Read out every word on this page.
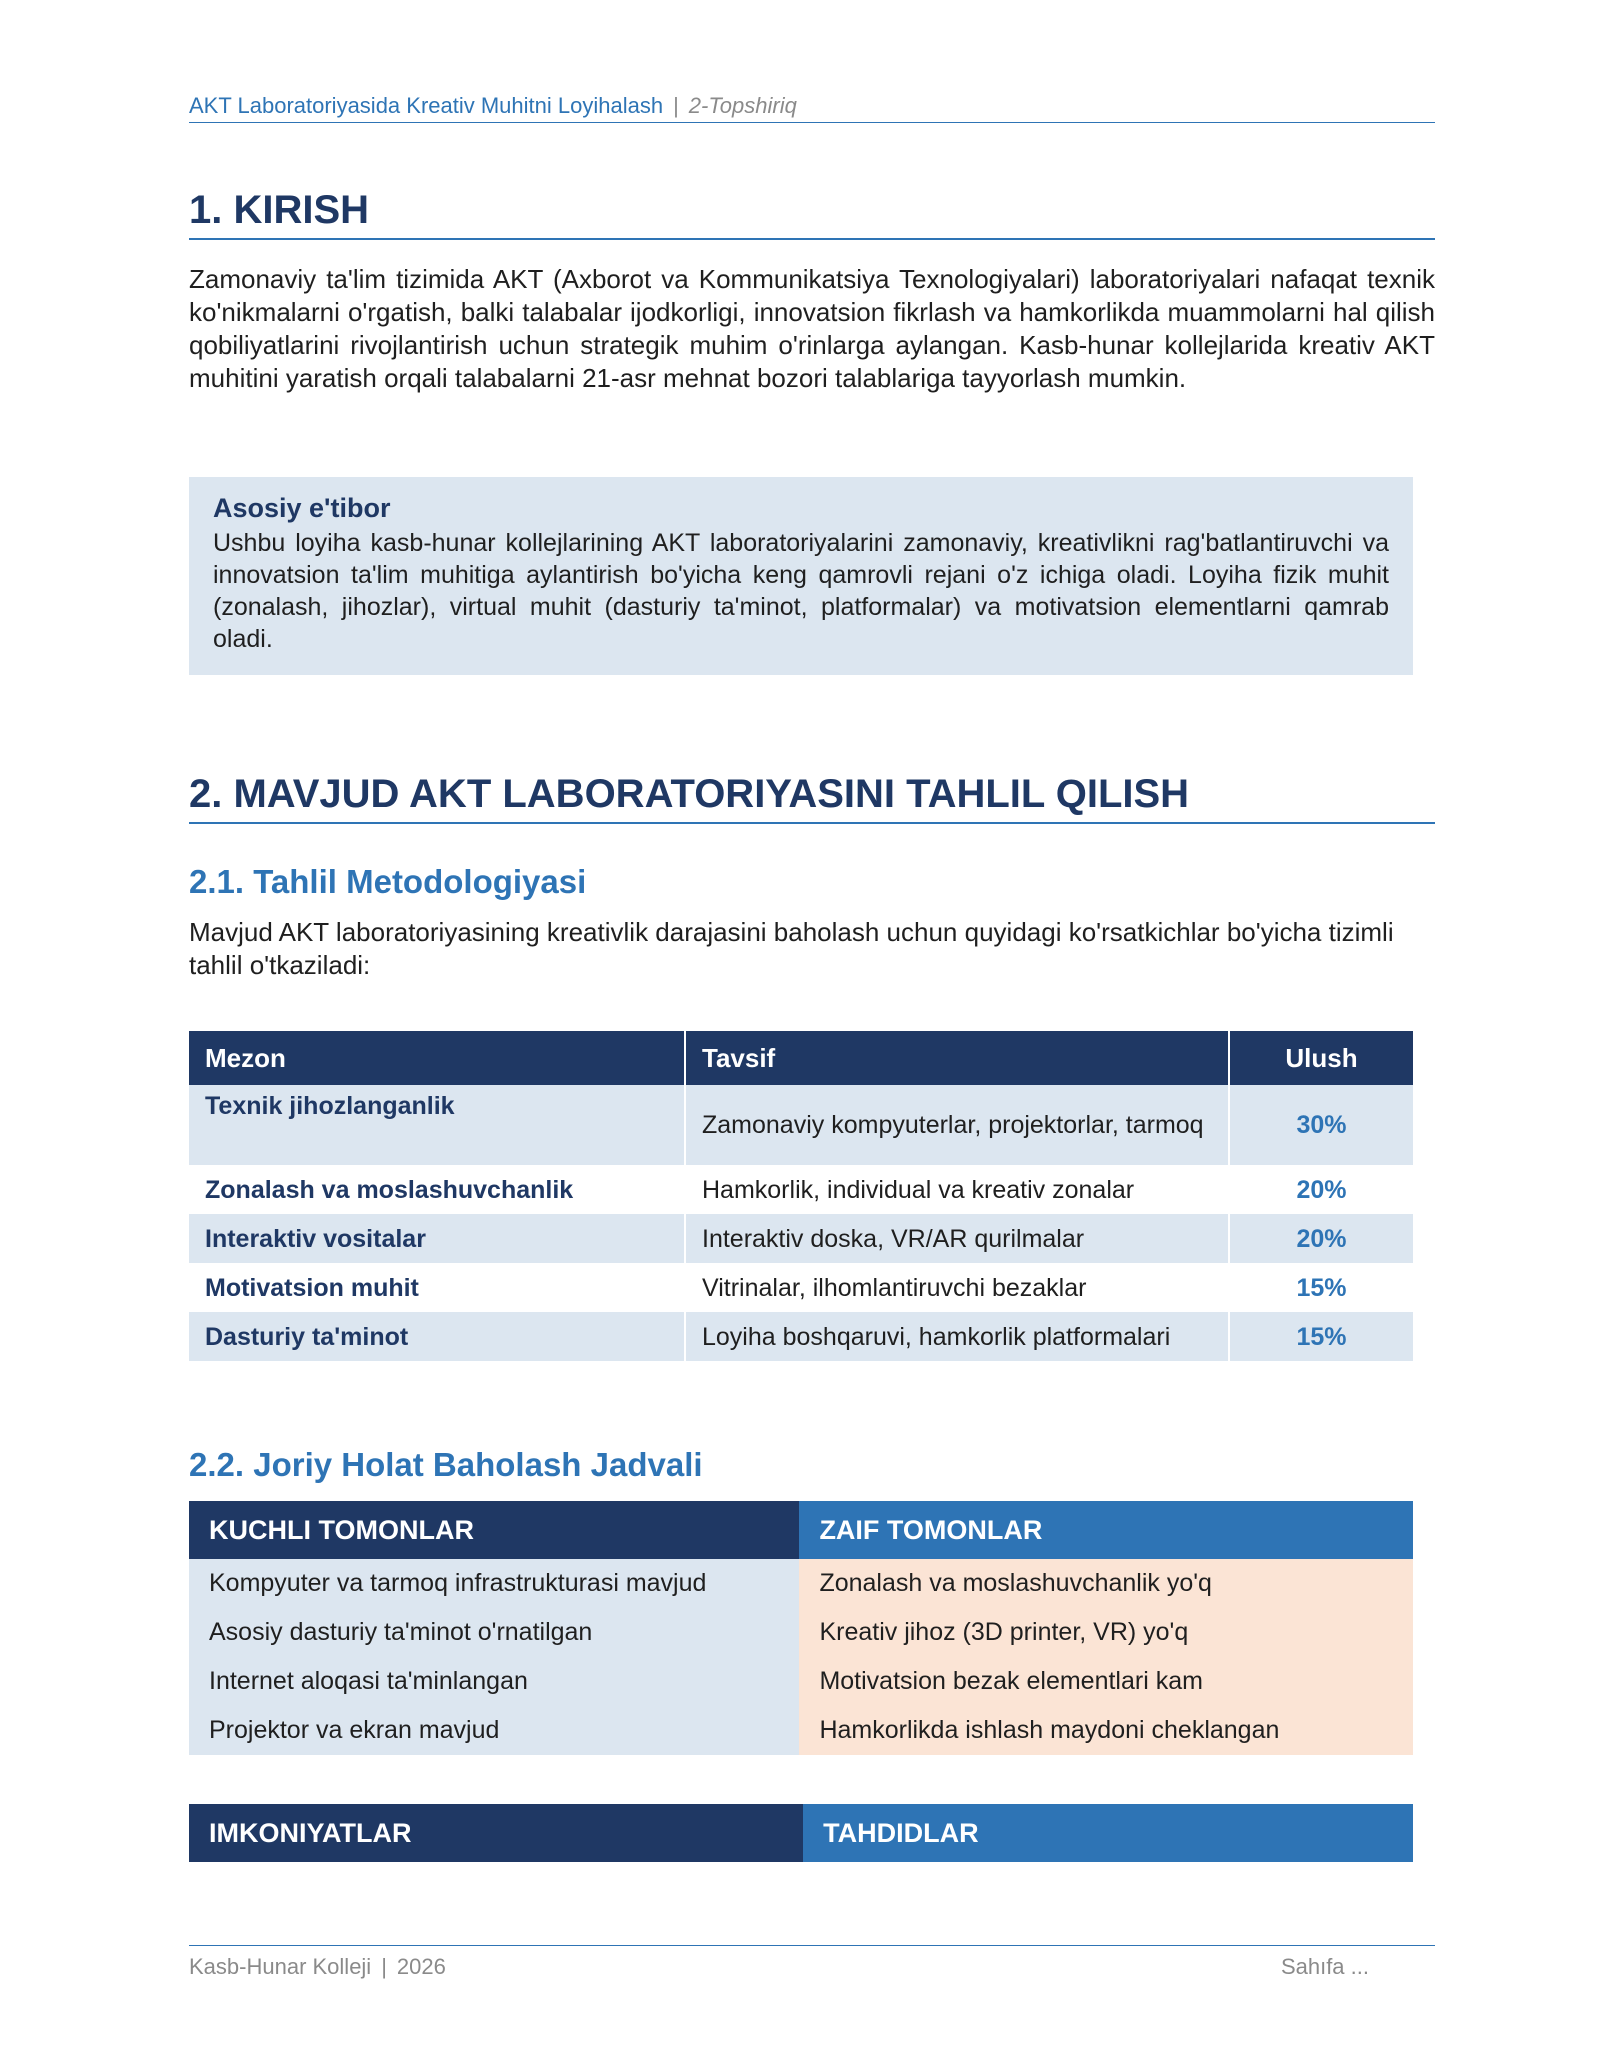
AKT Laboratoriyasida Kreativ Muhitni Loyihalash | 2-Topshiriq
1. KIRISH
Zamonaviy ta'lim tizimida AKT (Axborot va Kommunikatsiya Texnologiyalari) laboratoriyalari nafaqat texnik ko'nikmalarni o'rgatish, balki talabalar ijodkorligi, innovatsion fikrlash va hamkorlikda muammolarni hal qilish qobiliyatlarini rivojlantirish uchun strategik muhim o'rinlarga aylangan. Kasb-hunar kollejlarida kreativ AKT muhitini yaratish orqali talabalarni 21-asr mehnat bozori talablariga tayyorlash mumkin.
Asosiy e'tibor
Ushbu loyiha kasb-hunar kollejlarining AKT laboratoriyalarini zamonaviy, kreativlikni rag'batlantiruvchi va innovatsion ta'lim muhitiga aylantirish bo'yicha keng qamrovli rejani o'z ichiga oladi. Loyiha fizik muhit (zonalash, jihozlar), virtual muhit (dasturiy ta'minot, platformalar) va motivatsion elementlarni qamrab oladi.
2. MAVJUD AKT LABORATORIYASINI TAHLIL QILISH
2.1. Tahlil Metodologiyasi
Mavjud AKT laboratoriyasining kreativlik darajasini baholash uchun quyidagi ko'rsatkichlar bo'yicha tizimli tahlil o'tkaziladi:
Mezon	Tavsif	Ulush
Texnik jihozlanganlik	Zamonaviy kompyuterlar, projektorlar, tarmoq	30%
Zonalash va moslashuvchanlik	Hamkorlik, individual va kreativ zonalar	20%
Interaktiv vositalar	Interaktiv doska, VR/AR qurilmalar	20%
Motivatsion muhit	Vitrinalar, ilhomlantiruvchi bezaklar	15%
Dasturiy ta'minot	Loyiha boshqaruvi, hamkorlik platformalari	15%
2.2. Joriy Holat Baholash Jadvali
KUCHLI TOMONLAR	ZAIF TOMONLAR
Kompyuter va tarmoq infrastrukturasi mavjud	Zonalash va moslashuvchanlik yo'q
Asosiy dasturiy ta'minot o'rnatilgan	Kreativ jihoz (3D printer, VR) yo'q
Internet aloqasi ta'minlangan	Motivatsion bezak elementlari kam
Projektor va ekran mavjud	Hamkorlikda ishlash maydoni cheklangan
IMKONIYATLAR	TAHDIDLAR
Kasb-Hunar Kolleji | 2026	Sahıfa ...
